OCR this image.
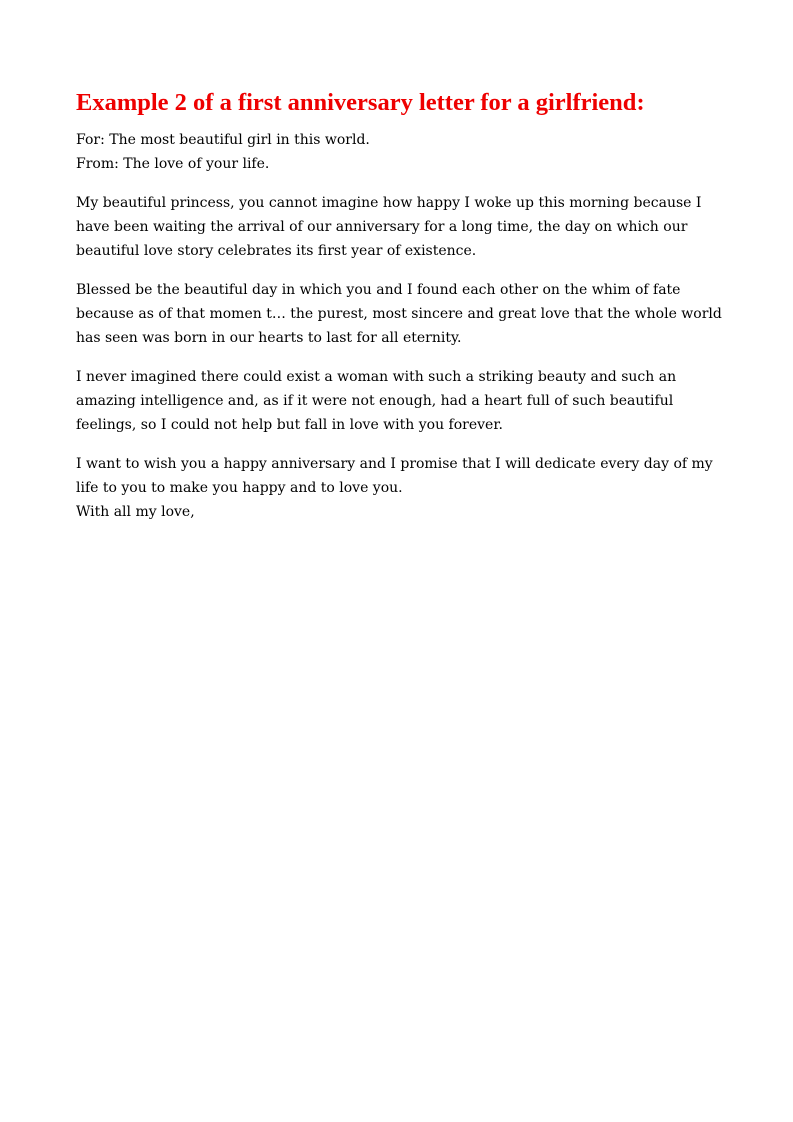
Example 2 of a first anniversary letter for a girlfriend:

For: The most beautiful girl in this world.

From: The love of your life.

My beautiful princess, you cannot imagine how happy I woke up this morning because I
have been waiting the arrival of our anniversary for a long time, the day on which our
beautiful love story celebrates its first year of existence.
Blessed be the beautiful day in which you and I found each other on the whim of fate
because as of that momen t… the purest, most sincere and great love that the whole world
has seen was born in our hearts to last for all eternity.
I never imagined there could exist a woman with such a striking beauty and such an
amazing intelligence and, as if it were not enough, had a heart full of such beautiful
feelings, so I could not help but fall in love with you forever.
I want to wish you a happy anniversary and I promise that I will dedicate every day of my
life to you to make you happy and to love you.
With all my love,
